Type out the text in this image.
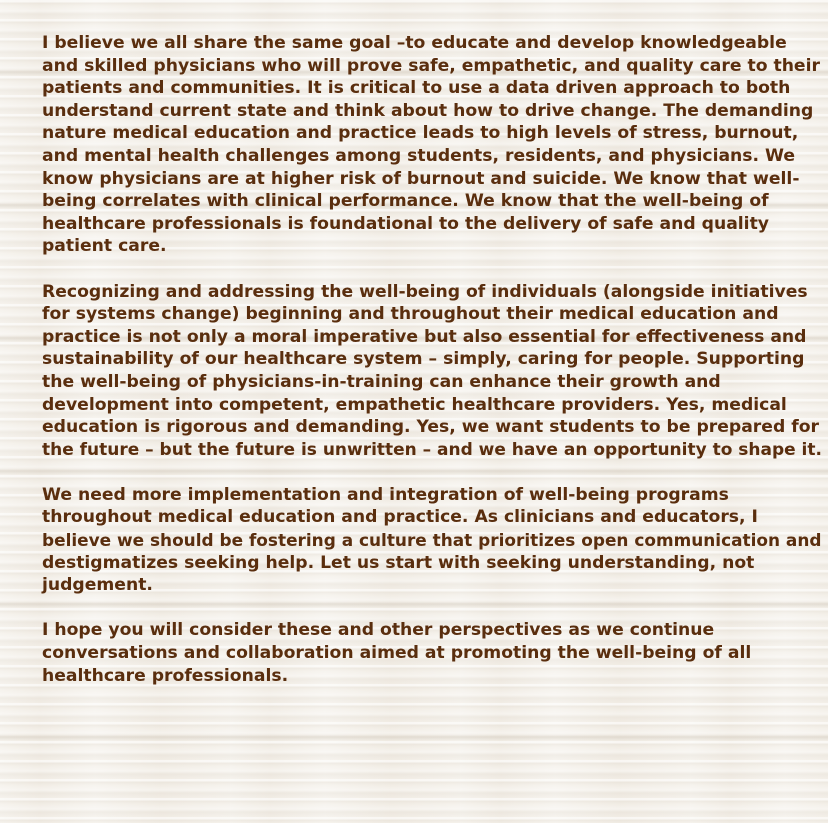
I believe we all share the same goal –to educate and develop knowledgeable
and skilled physicians who will prove safe, empathetic, and quality care to their
patients and communities. It is critical to use a data driven approach to both
understand current state and think about how to drive change. The demanding
nature medical education and practice leads to high levels of stress, burnout,
and mental health challenges among students, residents, and physicians. We
know physicians are at higher risk of burnout and suicide. We know that well-
being correlates with clinical performance. We know that the well-being of
healthcare professionals is foundational to the delivery of safe and quality
patient care.

Recognizing and addressing the well-being of individuals (alongside initiatives
for systems change) beginning and throughout their medical education and
practice is not only a moral imperative but also essential for effectiveness and
sustainability of our healthcare system – simply, caring for people. Supporting
the well-being of physicians-in-training can enhance their growth and
development into competent, empathetic healthcare providers. Yes, medical
education is rigorous and demanding. Yes, we want students to be prepared for
the future – but the future is unwritten – and we have an opportunity to shape it.

We need more implementation and integration of well-being programs
throughout medical education and practice. As clinicians and educators, I
believe we should be fostering a culture that prioritizes open communication and
destigmatizes seeking help. Let us start with seeking understanding, not
judgement.

I hope you will consider these and other perspectives as we continue
conversations and collaboration aimed at promoting the well-being of all
healthcare professionals.
